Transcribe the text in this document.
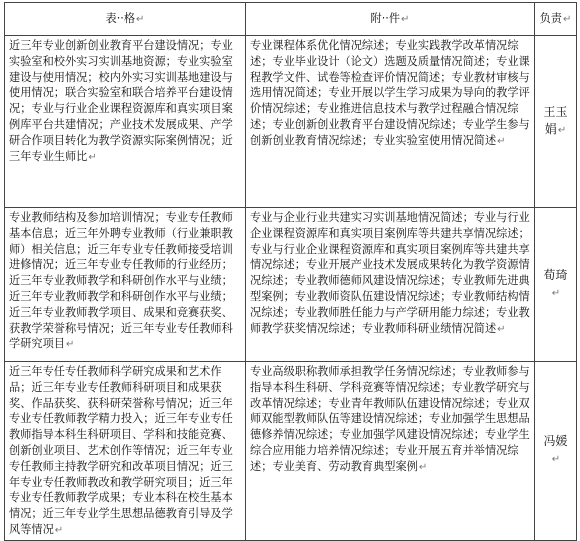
表··格↵	附··件↵	负责↵
近三年专业创新创业教育平台建设情况；专业实验室和校外实习实训基地资源；专业实验室建设与使用情况；校内外实习实训基地建设与使用情况；联合实验室和联合培养平台建设情况；专业与行业企业课程资源库和真实项目案例库平台共建情况；产业技术发展成果、产学研合作项目转化为教学资源实际案例情况；近三年专业生师比↵	专业课程体系优化情况综述；专业实践教学改革情况综述；专业毕业设计（论文）选题及质量情况简述；专业课程教学文件、试卷等检查评价情况简述；专业教材审核与选用情况简述；专业开展以学生学习成果为导向的教学评价情况综述；专业推进信息技术与教学过程融合情况综述；专业创新创业教育平台建设情况综述；专业学生参与创新创业教育情况综述；专业实验室使用情况简述↵	王玉娟↵
专业教师结构及参加培训情况；专业专任教师基本信息；近三年外聘专业教师（行业兼职教师）相关信息；近三年专业专任教师接受培训进修情况；近三年专业专任教师的行业经历；近三年专业教师教学和科研创作水平与业绩；近三年专业教师教学和科研创作水平与业绩；近三年专业教师教学项目、成果和竞赛获奖、获教学荣誉称号情况；近三年专业专任教师科学研究项目↵	专业与企业行业共建实习实训基地情况简述；专业与行业企业课程资源库和真实项目案例库等共建共享情况综述；专业与行业企业课程资源库和真实项目案例库等共建共享情况综述；专业开展产业技术发展成果转化为教学资源情况综述；专业教师德师风建设情况综述；专业教师先进典型案例；专业教师资队伍建设情况综述；专业教师结构情况综述；专业教师胜任能力与产学研用能力综述；专业教师教学获奖情况综述；专业教师科研业绩情况简述↵	荀琦↵
近三年专任专任教师科学研究成果和艺术作品；近三年专业专任教师科研项目和成果获奖、作品获奖、获科研荣誉称号情况；近三年专业专任教师教学精力投入；近三年专业专任教师指导本科生科研项目、学科和技能竞赛、创新创业项目、艺术创作等情况；近三年专业专任教师主持教学研究和改革项目情况；近三年专业专任教师教改和教学研究项目；近三年专业专任教师教学成果；专业本科在校生基本情况；近三年专业学生思想品德教育引导及学风等情况↵	专业高级职称教师承担教学任务情况综述；专业教师参与指导本科生科研、学科竞赛等情况综述；专业教学研究与改革情况综述；专业青年教师队伍建设情况综述；专业双师双能型教师队伍等建设情况综述；专业加强学生思想品德修养情况综述；专业加强学风建设情况综述；专业学生综合应用能力培养情况综述；专业开展五育并举情况综述；专业美育、劳动教育典型案例↵	冯媛↵
